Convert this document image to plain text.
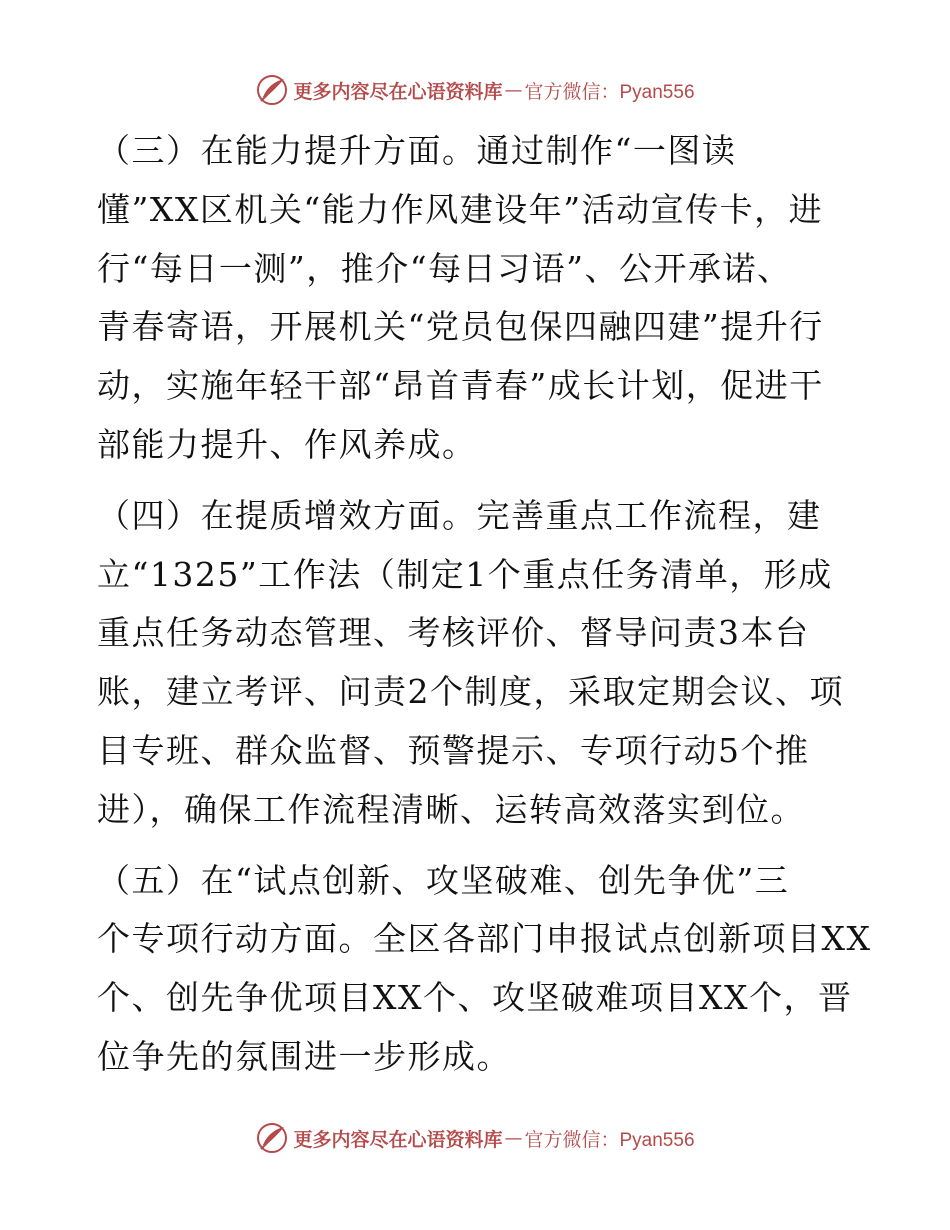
更多内容尽在心语资料库 — 官方微信：Pyan556
（三）在能力提升方面。通过制作“一图读
懂”XX区机关“能力作风建设年”活动宣传卡，进
行“每日一测”，推介“每日习语”、公开承诺、
青春寄语，开展机关“党员包保四融四建”提升行
动，实施年轻干部“昂首青春”成长计划，促进干
部能力提升、作风养成。
（四）在提质增效方面。完善重点工作流程，建
立“1325”工作法（制定1个重点任务清单，形成
重点任务动态管理、考核评价、督导问责3本台
账，建立考评、问责2个制度，采取定期会议、项
目专班、群众监督、预警提示、专项行动5个推
进），确保工作流程清晰、运转高效落实到位。
（五）在“试点创新、攻坚破难、创先争优”三
个专项行动方面。全区各部门申报试点创新项目XX
个、创先争优项目XX个、攻坚破难项目XX个，晋
位争先的氛围进一步形成。
更多内容尽在心语资料库 — 官方微信：Pyan556
